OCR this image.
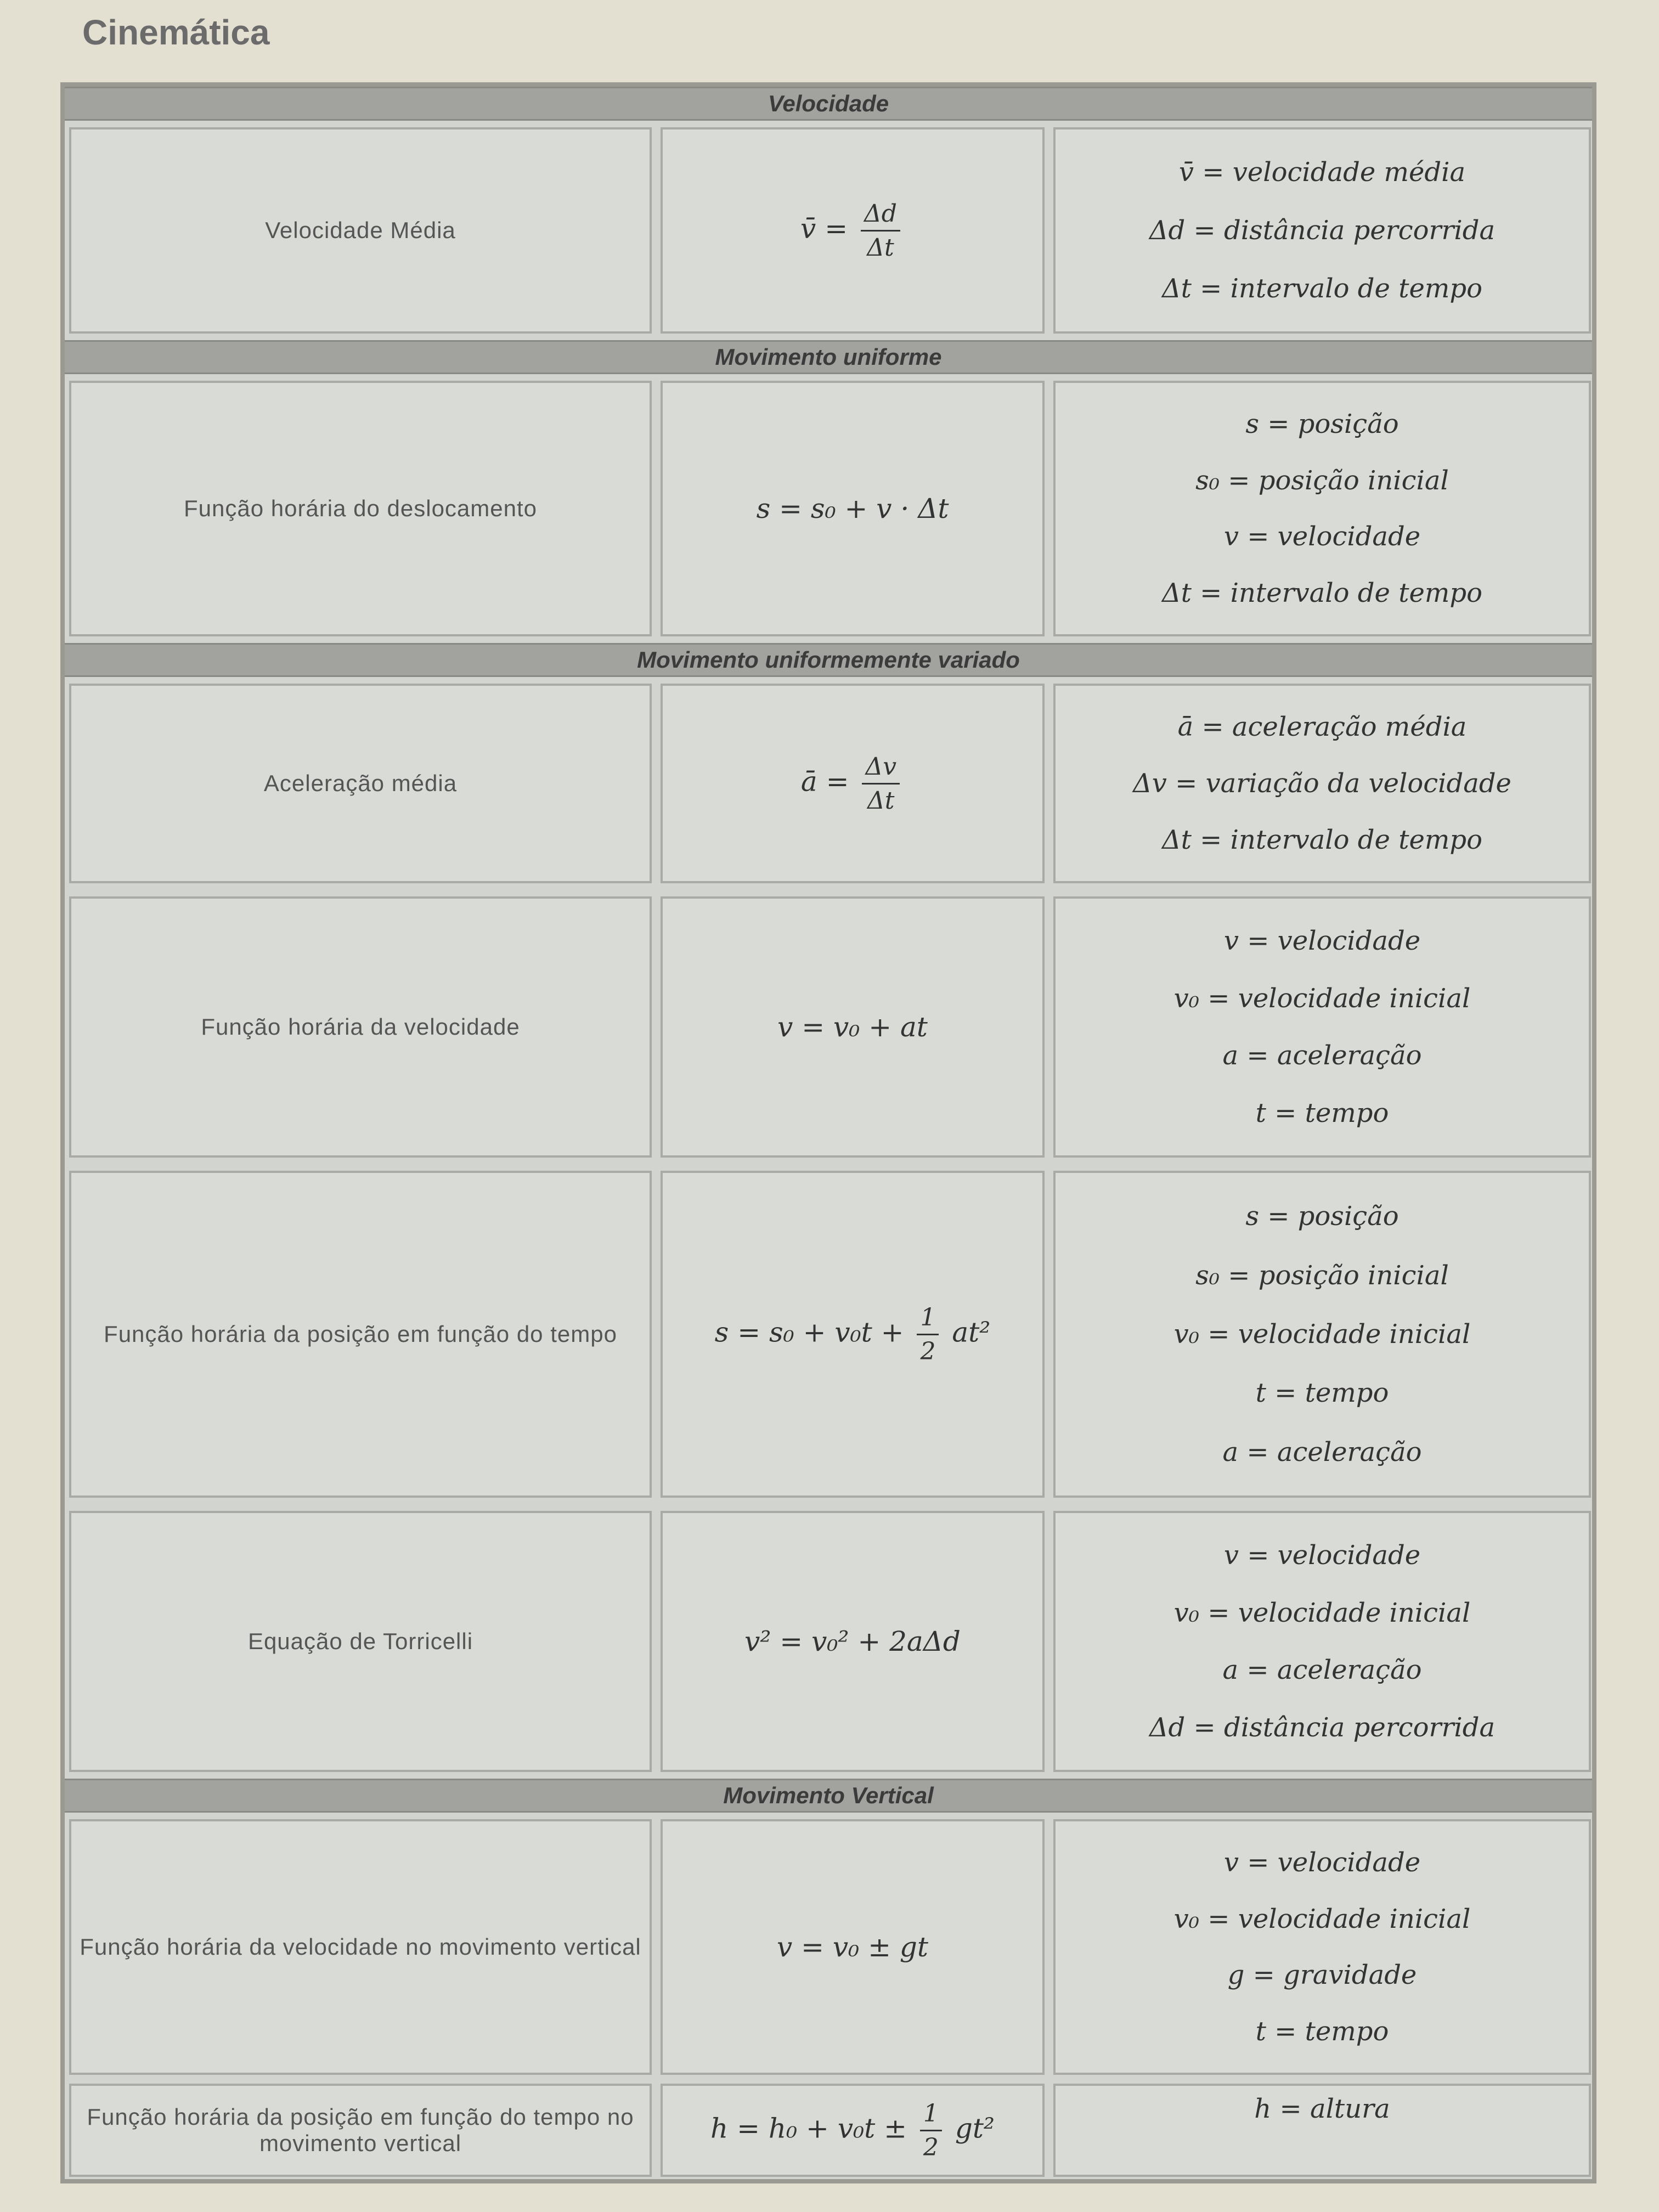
Cinemática
Velocidade
Velocidade Média	v̄ = $\frac{\Delta d}{\Delta t}$
v̄ = velocidade média
Δd = distância percorrida
Δt = intervalo de tempo
Movimento uniforme
Função horária do deslocamento	s = s₀ + v · Δt
s = posição
s₀ = posição inicial
v = velocidade
Δt = intervalo de tempo
Movimento uniformemente variado
Aceleração média	ā = $\frac{\Delta v}{\Delta t}$
ā = aceleração média
Δv = variação da velocidade
Δt = intervalo de tempo
Função horária da velocidade	v = v₀ + at
v = velocidade
v₀ = velocidade inicial
a = aceleração
t = tempo
Função horária da posição em função do tempo	$s = s_0 + v_0t + \frac{1}{2} at^2$
s = posição
s₀ = posição inicial
v₀ = velocidade inicial
t = tempo
a = aceleração
Equação de Torricelli	v² = v₀² + 2aΔd
v = velocidade
v₀ = velocidade inicial
a = aceleração
Δd = distância percorrida
Movimento Vertical
Função horária da velocidade no movimento vertical	v = v₀ ± gt
v = velocidade
v₀ = velocidade inicial
g = gravidade
t = tempo
Função horária da posição em função do tempo no movimento vertical	$h = h_0 + v_0t \pm \frac{1}{2} gt^2$
h = altura
